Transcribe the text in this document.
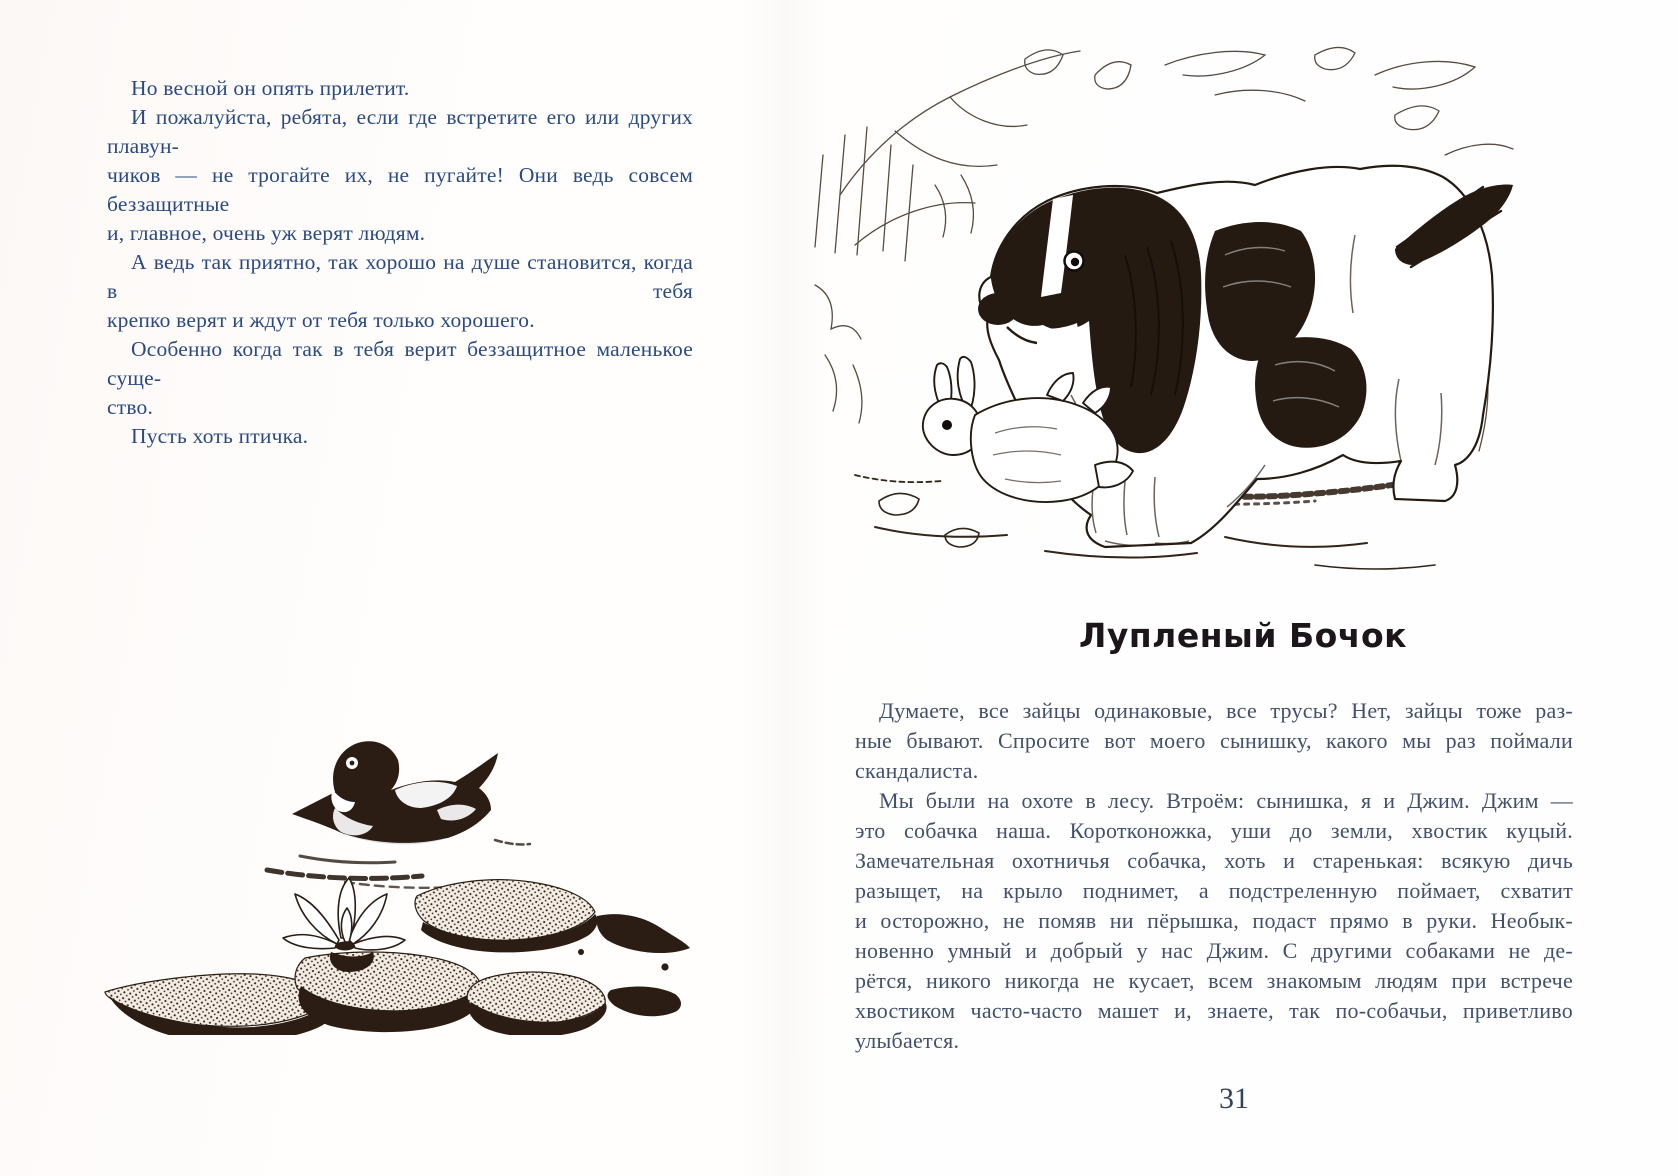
Но весной он опять прилетит.
И пожалуйста, ребята, если где встретите его или других плавун-
чиков — не трогайте их, не пугайте! Они ведь совсем беззащитные
и, главное, очень уж верят людям.
А ведь так приятно, так хорошо на душе становится, когда в тебя
крепко верят и ждут от тебя только хорошего.
Особенно когда так в тебя верит беззащитное маленькое суще-
ство.
Пусть хоть птичка.
Лупленый Бочок
Думаете, все зайцы одинаковые, все трусы? Нет, зайцы тоже раз-
ные бывают. Спросите вот моего сынишку, какого мы раз поймали
скандалиста.
Мы были на охоте в лесу. Втроём: сынишка, я и Джим. Джим —
это собачка наша. Коротконожка, уши до земли, хвостик куцый.
Замечательная охотничья собачка, хоть и старенькая: всякую дичь
разыщет, на крыло поднимет, а подстреленную поймает, схватит
и осторожно, не помяв ни пёрышка, подаст прямо в руки. Необык-
новенно умный и добрый у нас Джим. С другими собаками не де-
рётся, никого никогда не кусает, всем знакомым людям при встрече
хвостиком часто-часто машет и, знаете, так по-собачьи, приветливо
улыбается.
31
